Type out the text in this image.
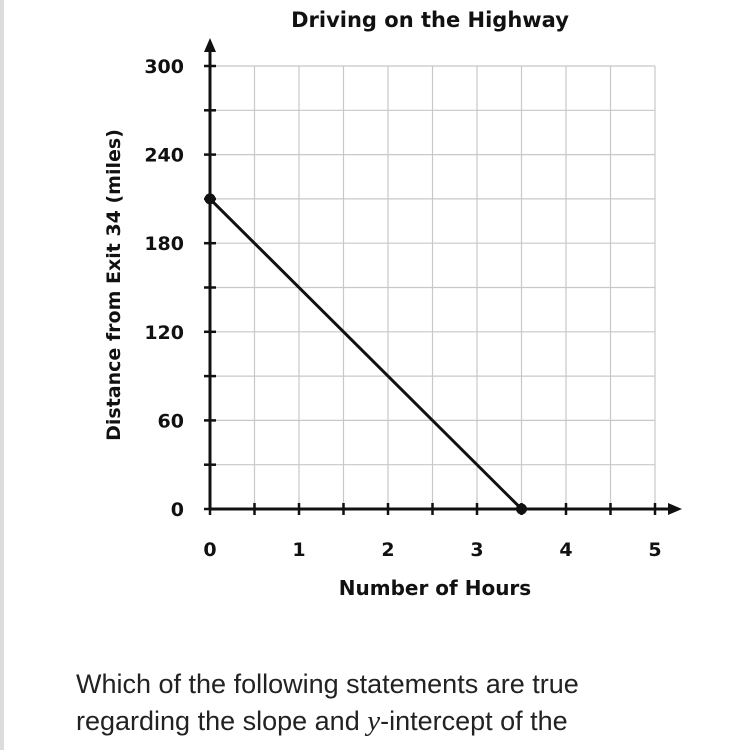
Driving on the Highway
0
60
120
180
240
300
0	1	2	3	4	5
Number of Hours
Distance from Exit 34 (miles)
Which of the following statements are true
regarding the slope and y-intercept of the
